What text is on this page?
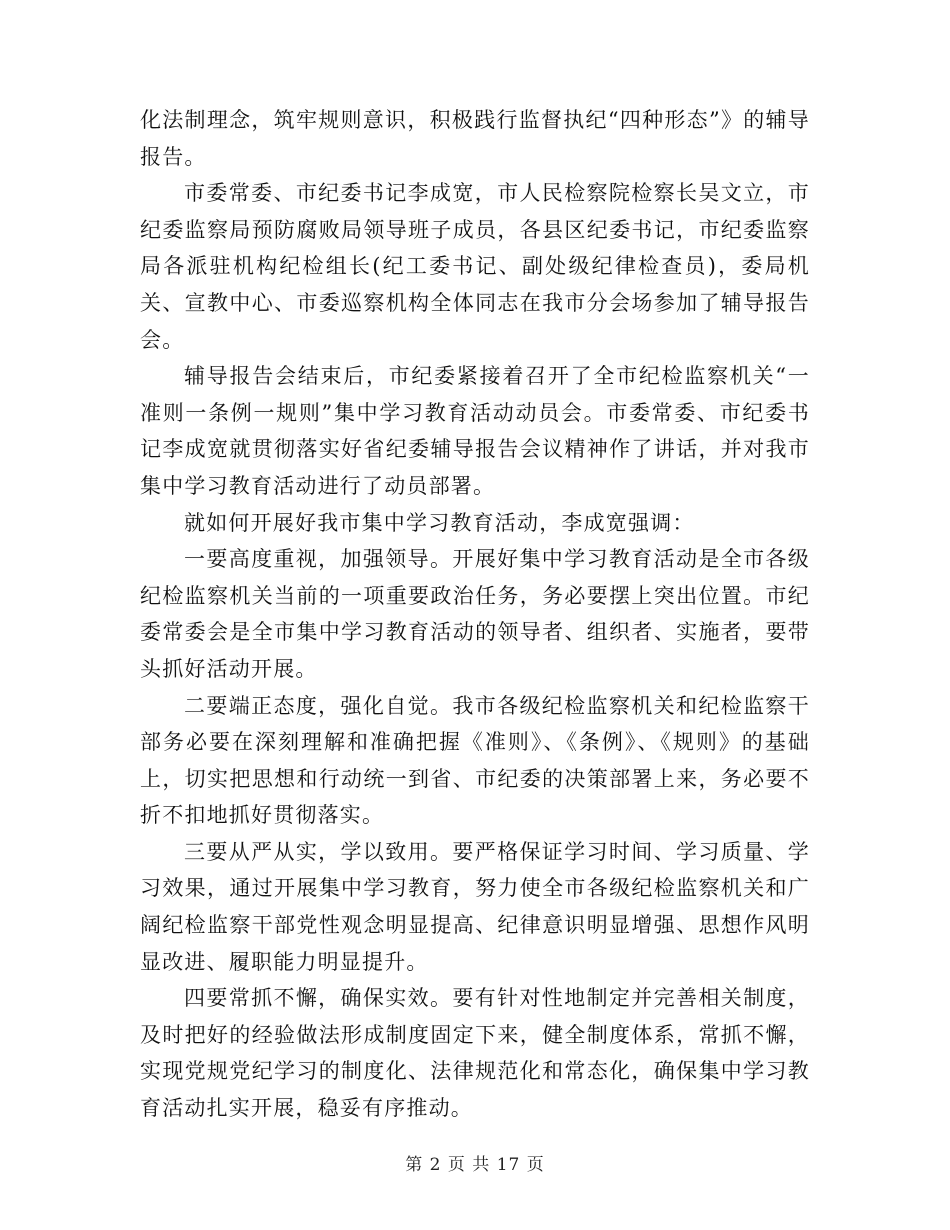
化法制理念，筑牢规则意识，积极践行监督执纪“四种形态”》的辅导报告。

市委常委、市纪委书记李成宽，市人民检察院检察长吴文立，市纪委监察局预防腐败局领导班子成员，各县区纪委书记，市纪委监察局各派驻机构纪检组长(纪工委书记、副处级纪律检查员)，委局机关、宣教中心、市委巡察机构全体同志在我市分会场参加了辅导报告会。

辅导报告会结束后，市纪委紧接着召开了全市纪检监察机关“一准则一条例一规则”集中学习教育活动动员会。市委常委、市纪委书记李成宽就贯彻落实好省纪委辅导报告会议精神作了讲话，并对我市集中学习教育活动进行了动员部署。

就如何开展好我市集中学习教育活动，李成宽强调：

一要高度重视，加强领导。开展好集中学习教育活动是全市各级纪检监察机关当前的一项重要政治任务，务必要摆上突出位置。市纪委常委会是全市集中学习教育活动的领导者、组织者、实施者，要带头抓好活动开展。

二要端正态度，强化自觉。我市各级纪检监察机关和纪检监察干部务必要在深刻理解和准确把握《准则》、《条例》、《规则》的基础上，切实把思想和行动统一到省、市纪委的决策部署上来，务必要不折不扣地抓好贯彻落实。

三要从严从实，学以致用。要严格保证学习时间、学习质量、学习效果，通过开展集中学习教育，努力使全市各级纪检监察机关和广阔纪检监察干部党性观念明显提高、纪律意识明显增强、思想作风明显改进、履职能力明显提升。

四要常抓不懈，确保实效。要有针对性地制定并完善相关制度，及时把好的经验做法形成制度固定下来，健全制度体系，常抓不懈，实现党规党纪学习的制度化、法律规范化和常态化，确保集中学习教育活动扎实开展，稳妥有序推动。

第 2 页 共 17 页
